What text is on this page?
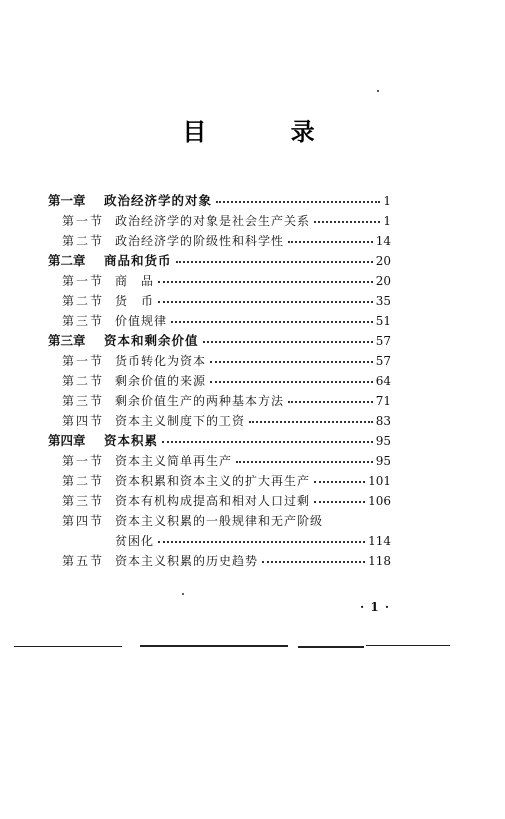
目 录
第一章	政治经济学的对象	1
第一节 政治经济学的对象是社会生产关系	1
第二节 政治经济学的阶级性和科学性	14
第二章	商品和货币	20
第一节 商　品	20
第二节 货　币	35
第三节 价值规律	51
第三章	资本和剩余价值	57
第一节 货币转化为资本	57
第二节 剩余价值的来源	64
第三节 剩余价值生产的两种基本方法	71
第四节 资本主义制度下的工资	83
第四章	资本积累	95
第一节 资本主义简单再生产	95
第二节 资本积累和资本主义的扩大再生产	101
第三节 资本有机构成提高和相对人口过剩	106
第四节 资本主义积累的一般规律和无产阶级
贫困化	114
第五节 资本主义积累的历史趋势	118
· 1 ·
